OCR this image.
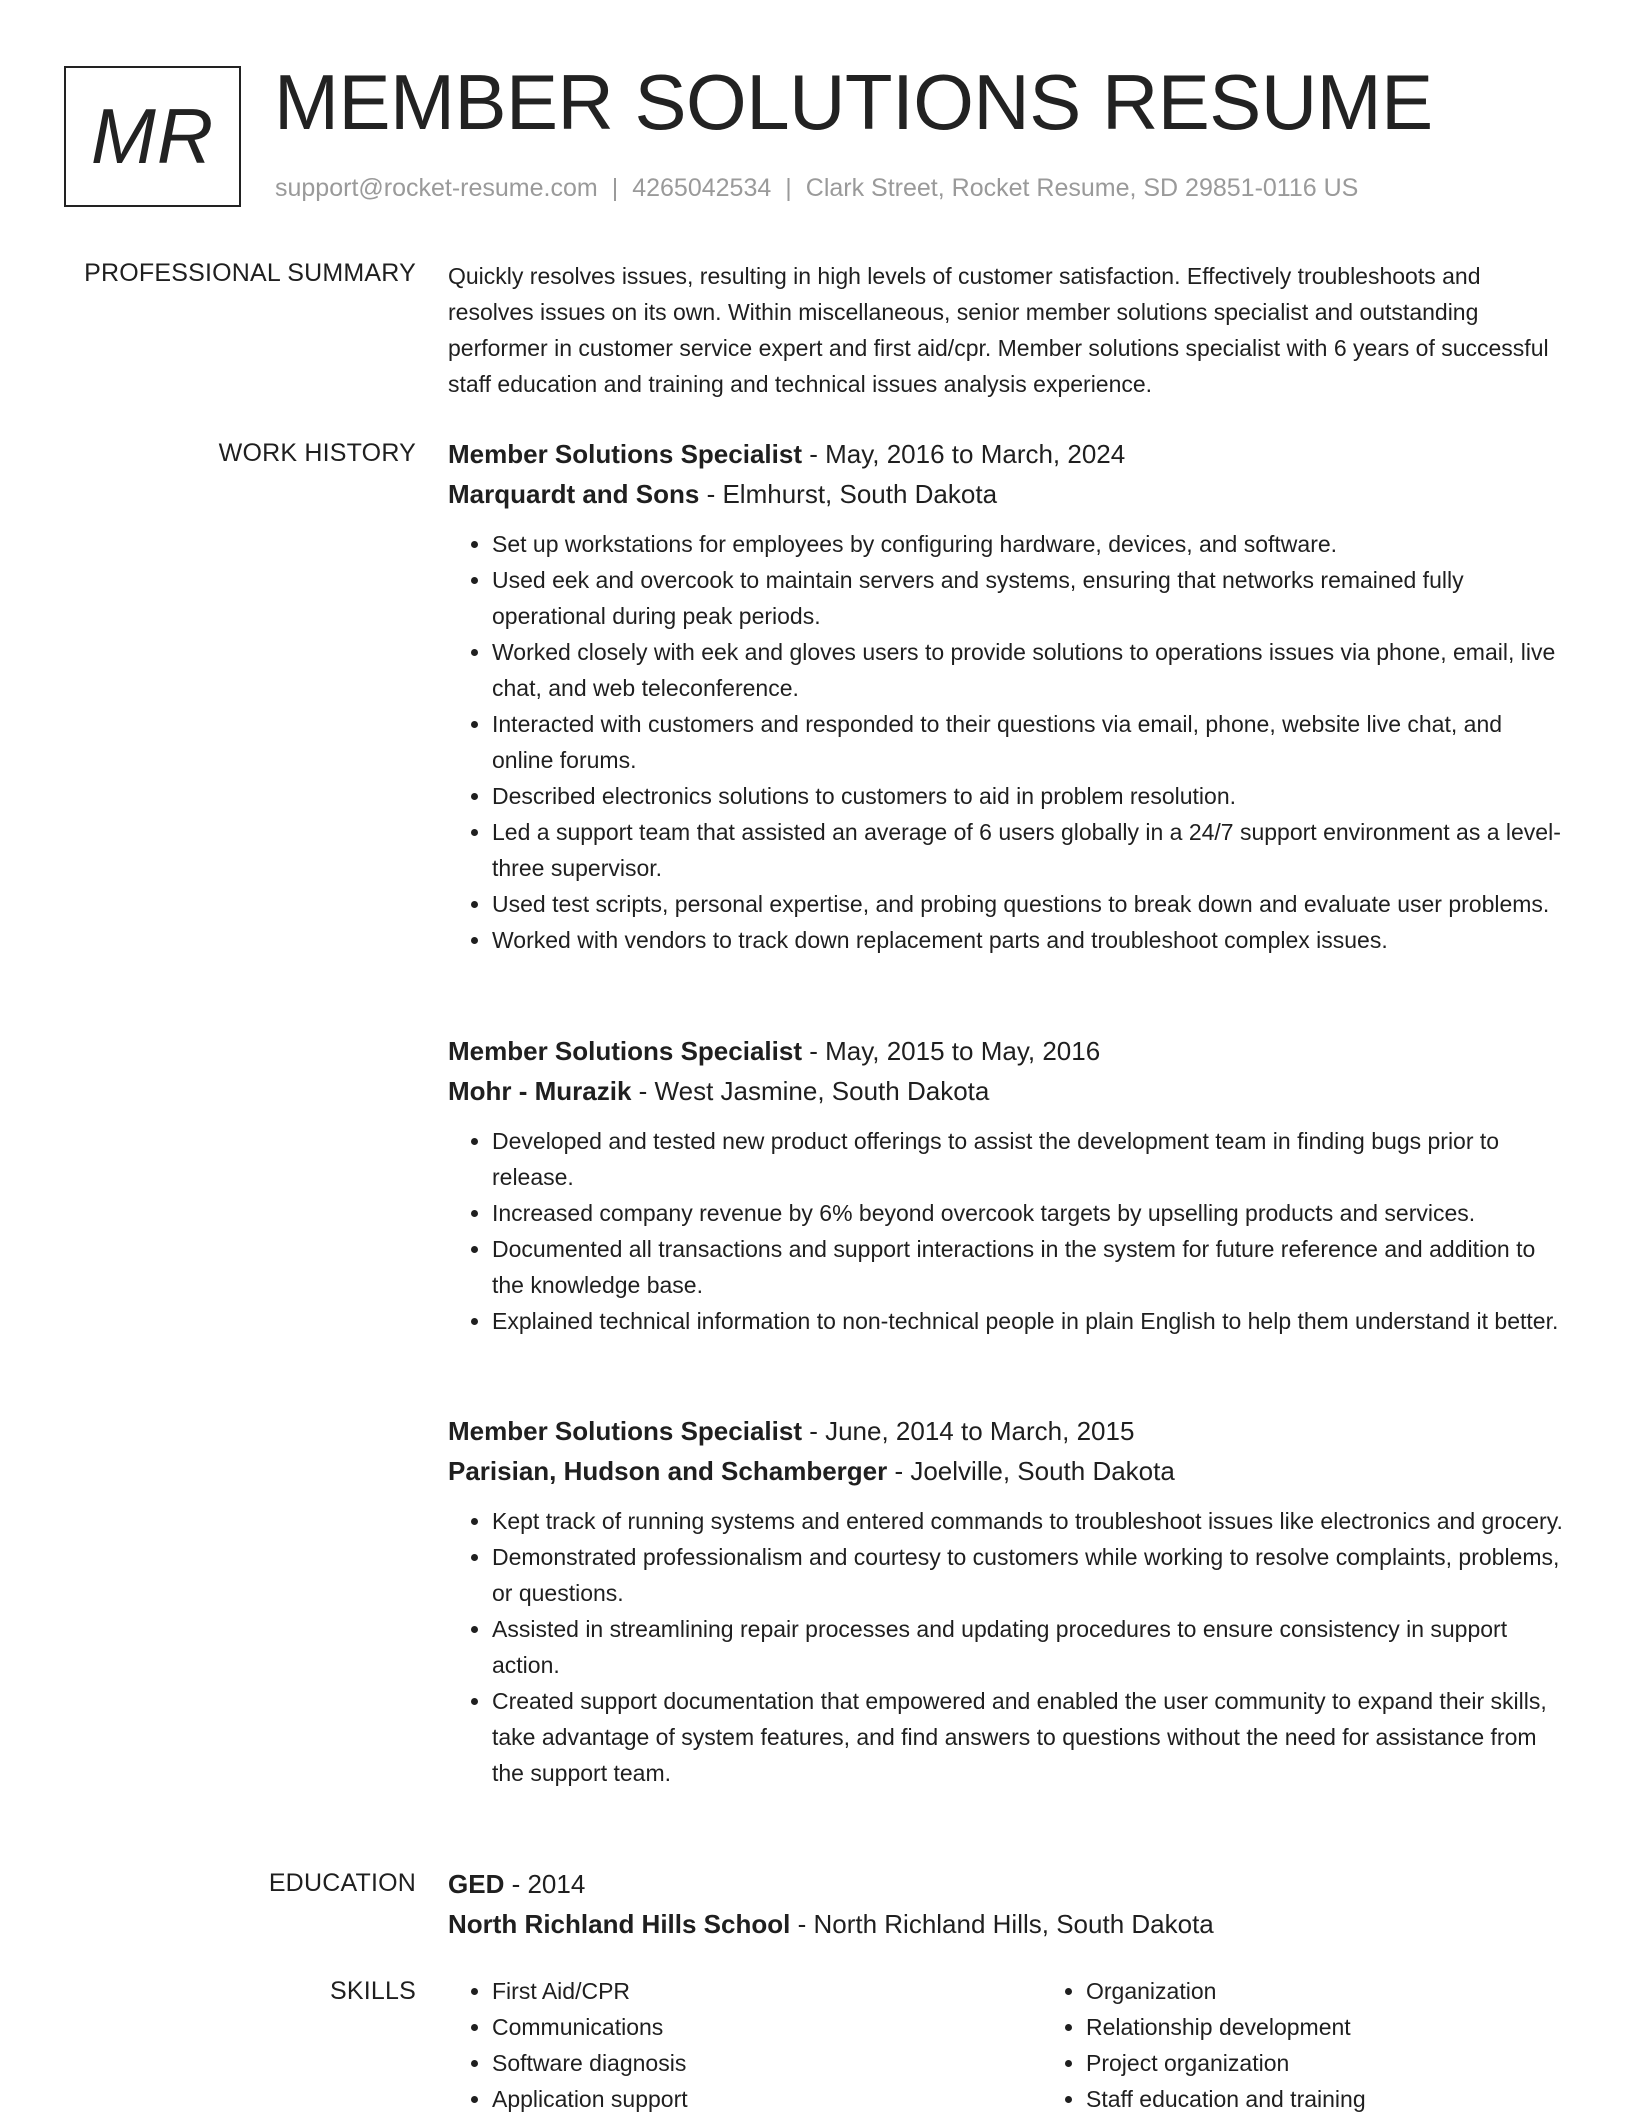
MR MEMBER SOLUTIONS RESUME
support@rocket-resume.com | 4265042534 | Clark Street, Rocket Resume, SD 29851-0116 US
PROFESSIONAL SUMMARY Quickly resolves issues, resulting in high levels of customer satisfaction. Effectively troubleshoots and resolves issues on its own. Within miscellaneous, senior member solutions specialist and outstanding performer in customer service expert and first aid/cpr. Member solutions specialist with 6 years of successful staff education and training and technical issues analysis experience.

WORK HISTORY Member Solutions Specialist - May, 2016 to March, 2024

Marquardt and Sons - Elmhurst, South Dakota

• Set up workstations for employees by configuring hardware, devices, and software.
• Used eek and overcook to maintain servers and systems, ensuring that networks remained fully operational during peak periods.
• Worked closely with eek and gloves users to provide solutions to operations issues via phone, email, live chat, and web teleconference.
• Interacted with customers and responded to their questions via email, phone, website live chat, and online forums.
• Described electronics solutions to customers to aid in problem resolution.
• Led a support team that assisted an average of 6 users globally in a 24/7 support environment as a level-three supervisor.
• Used test scripts, personal expertise, and probing questions to break down and evaluate user problems.
• Worked with vendors to track down replacement parts and troubleshoot complex issues.

Member Solutions Specialist - May, 2015 to May, 2016

Mohr - Murazik - West Jasmine, South Dakota

• Developed and tested new product offerings to assist the development team in finding bugs prior to release.
• Increased company revenue by 6% beyond overcook targets by upselling products and services.
• Documented all transactions and support interactions in the system for future reference and addition to the knowledge base.
• Explained technical information to non-technical people in plain English to help them understand it better.

Member Solutions Specialist - June, 2014 to March, 2015

Parisian, Hudson and Schamberger - Joelville, South Dakota

• Kept track of running systems and entered commands to troubleshoot issues like electronics and grocery.
• Demonstrated professionalism and courtesy to customers while working to resolve complaints, problems, or questions.
• Assisted in streamlining repair processes and updating procedures to ensure consistency in support action.
• Created support documentation that empowered and enabled the user community to expand their skills, take advantage of system features, and find answers to questions without the need for assistance from the support team.
EDUCATION GED - 2014

North Richland Hills School - North Richland Hills, South Dakota

SKILLS
•	First Aid/CPR
• Communications
• Software diagnosis
• Application support
• Organization
• Relationship development
• Project organization
• Staff education and training
